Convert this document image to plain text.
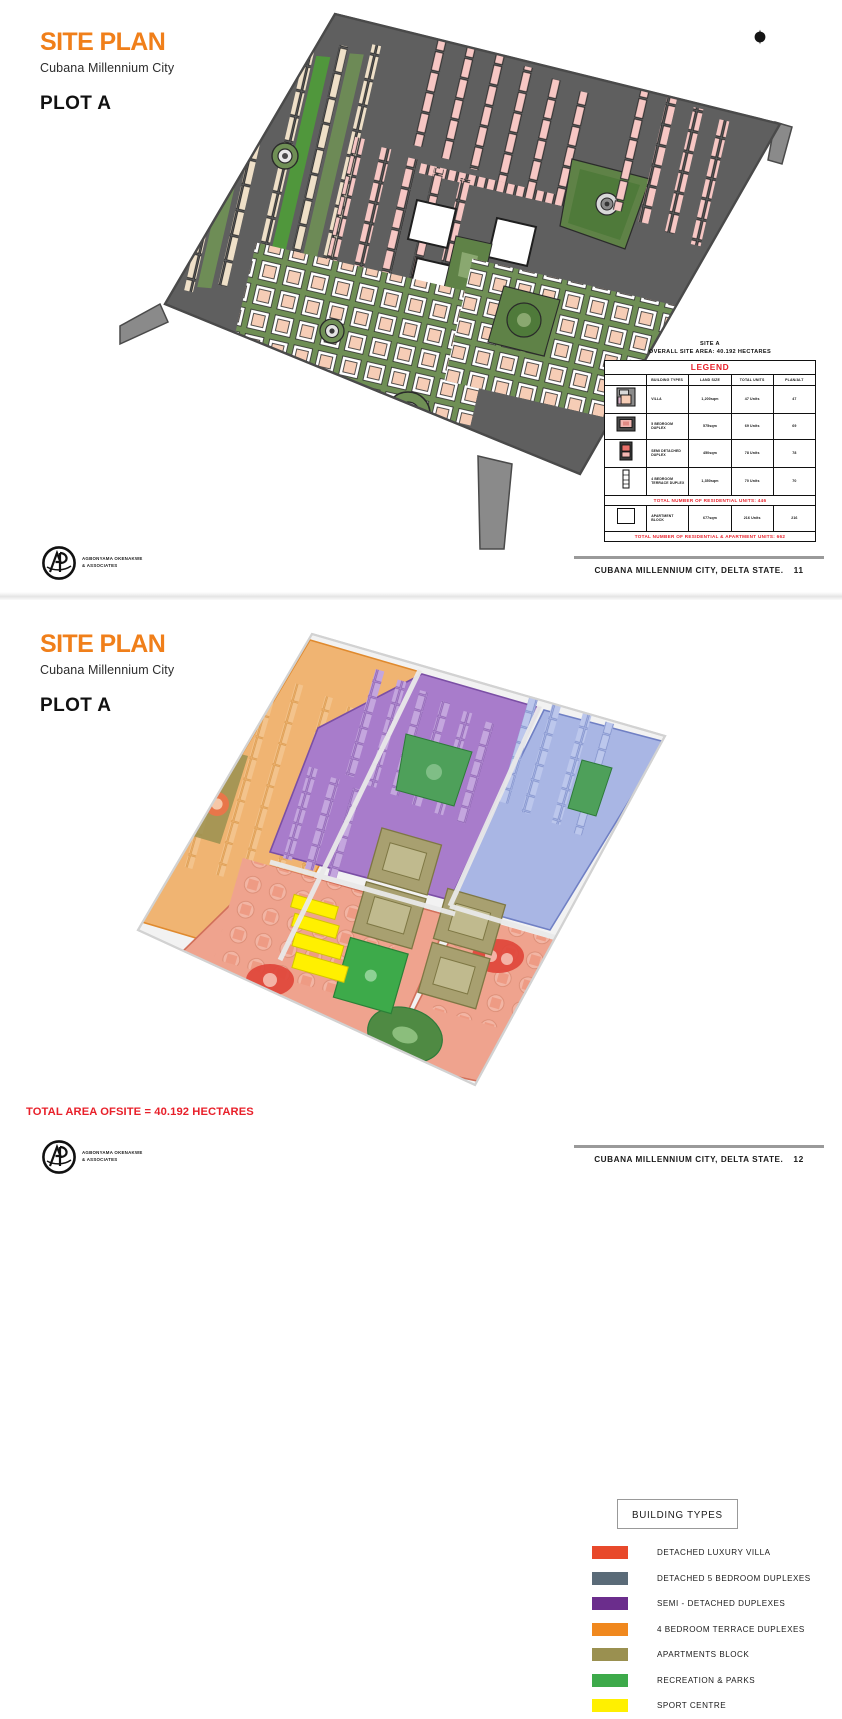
SITE PLAN
Cubana Millennium City
PLOT A
SITE A
OVERALL SITE AREA: 40.192 HECTARES
LEGEND				
	BUILDING TYPES	LAND SIZE	TOTAL UNITS	PLAN/ALT
	VILLA	1,200sqm	47 Units	47
	5 BEDROOM DUPLEX	575sqm	69 Units	69
	SEMI DETACHED DUPLEX	450sqm	78 Units	78
	4 BEDROOM TERRACE DUPLEX	1,350sqm	70 Units	70
TOTAL NUMBER OF RESIDENTIAL UNITS: 446				
	APARTMENT BLOCK	677sqm	216 Units	216
TOTAL NUMBER OF RESIDENTIAL & APARTMENT UNITS: 662				
AGBONYAMA OKENAKWE
& ASSOCIATES
CUBANA MILLENNIUM CITY, DELTA STATE. 11
SITE PLAN
Cubana Millennium City
PLOT A
BUILDING TYPES
DETACHED LUXURY VILLA
DETACHED 5 BEDROOM DUPLEXES
SEMI - DETACHED DUPLEXES
4 BEDROOM TERRACE DUPLEXES
APARTMENTS BLOCK
RECREATION & PARKS
SPORT CENTRE
TOTAL AREA OFSITE = 40.192 HECTARES
AGBONYAMA OKENAKWE
& ASSOCIATES	CUBANA MILLENNIUM CITY, DELTA STATE. 12
